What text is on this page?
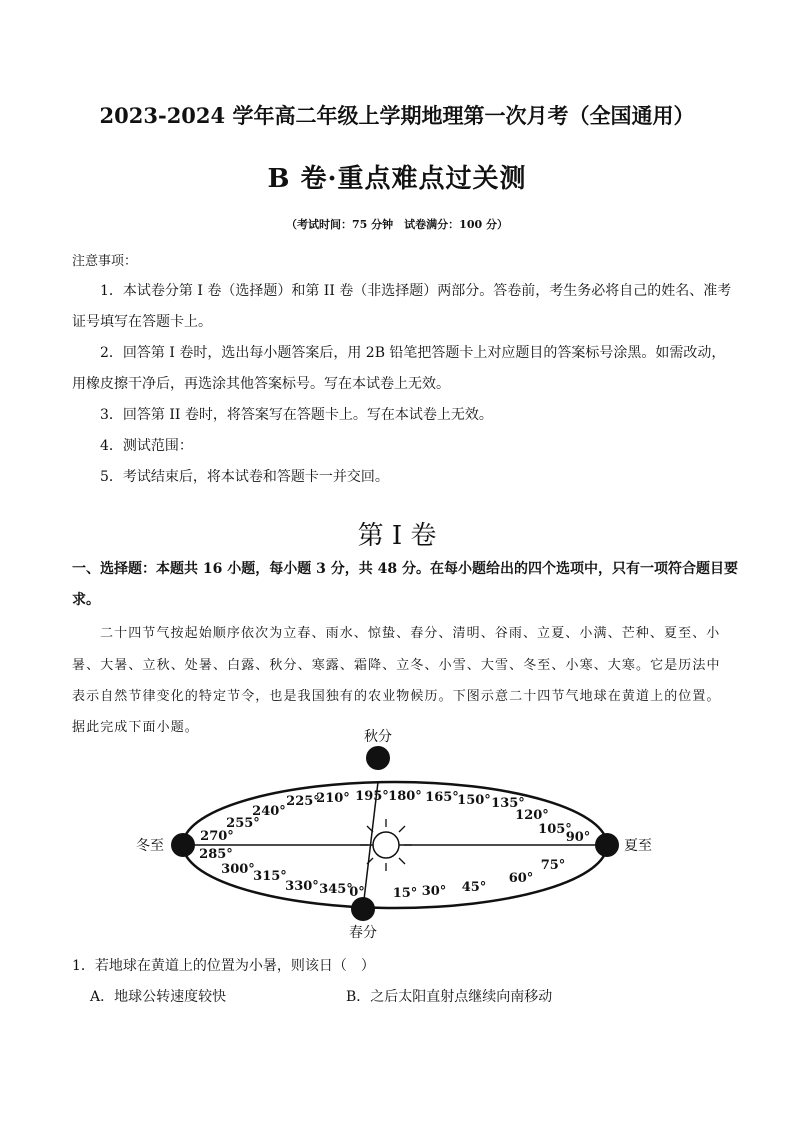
2023-2024 学年高二年级上学期地理第一次月考（全国通用）
B 卷·重点难点过关测
（考试时间：75 分钟　试卷满分：100 分）
注意事项：
1．本试卷分第 I 卷（选择题）和第 II 卷（非选择题）两部分。答卷前，考生务必将自己的姓名、准考
证号填写在答题卡上。
2．回答第 I 卷时，选出每小题答案后，用 2B 铅笔把答题卡上对应题目的答案标号涂黑。如需改动，
用橡皮擦干净后，再选涂其他答案标号。写在本试卷上无效。
3．回答第 II 卷时，将答案写在答题卡上。写在本试卷上无效。
4．测试范围：
5．考试结束后，将本试卷和答题卡一并交回。
第 I 卷
一、选择题：本题共 16 小题，每小题 3 分，共 48 分。在每小题给出的四个选项中，只有一项符合题目要
求。
二十四节气按起始顺序依次为立春、雨水、惊蛰、春分、清明、谷雨、立夏、小满、芒种、夏至、小
暑、大暑、立秋、处暑、白露、秋分、寒露、霜降、立冬、小雪、大雪、冬至、小寒、大寒。它是历法中
表示自然节律变化的特定节令，也是我国独有的农业物候历。下图示意二十四节气地球在黄道上的位置。
据此完成下面小题。
秋分
冬至	夏至
春分
0° 15° 30° 45°
60°
75°
90°
105°
120°
135°
150°
165°
180°
195°
210°
225°
240°
255°
270°
285°
300°
315°
330° 345°
1．若地球在黄道上的位置为小暑，则该日（　）
A．地球公转速度较快	B．之后太阳直射点继续向南移动
